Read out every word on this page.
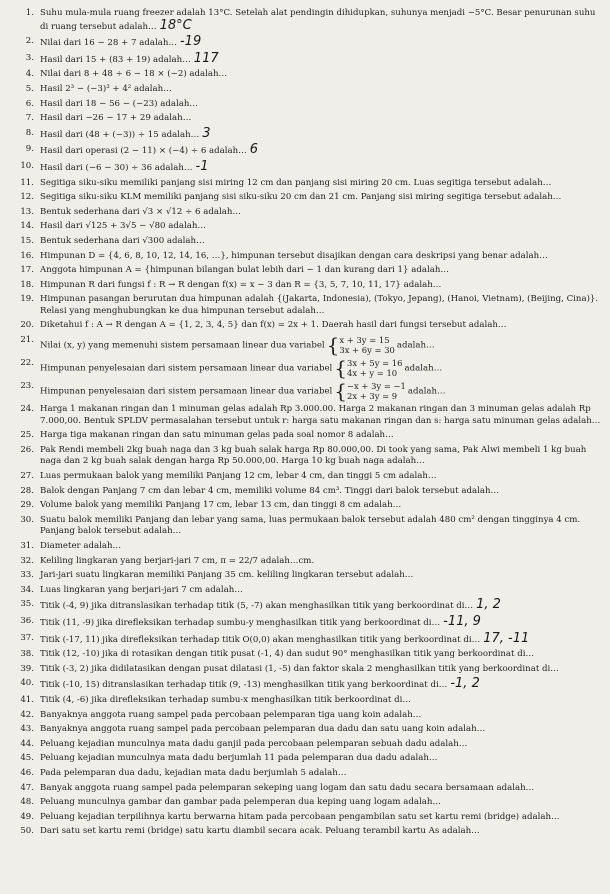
1. Suhu mula-mula ruang freezer adalah 13°C. Setelah alat pendingin dihidupkan, suhunya menjadi −5°C. Besar penurunan suhu di ruang tersebut adalah… 18°C
2. Nilai dari 16 − 28 + 7 adalah… -19
3. Hasil dari 15 + (83 + 19) adalah… 117
4. Nilai dari 8 + 48 ÷ 6 − 18 × (−2) adalah…
5. Hasil 2³ − (−3)³ + 4² adalah…
6. Hasil dari 18 − 56 − (−23) adalah…
7. Hasil dari −26 − 17 + 29 adalah…
8. Hasil dari (48 + (−3)) ÷ 15 adalah… 3
9. Hasil dari operasi (2 − 11) × (−4) ÷ 6 adalah… 6
10. Hasil dari (−6 − 30) ÷ 36 adalah… -1
11. Segitiga siku-siku memiliki panjang sisi miring 12 cm dan panjang sisi miring 20 cm. Luas segitiga tersebut adalah…
12. Segitiga siku-siku KLM memiliki panjang sisi siku-siku 20 cm dan 21 cm. Panjang sisi miring segitiga tersebut adalah…
13. Bentuk sederhana dari √3 × √12 ÷ 6 adalah…
14. Hasil dari √125 + 3√5 − √80 adalah…
15. Bentuk sederhana dari √300 adalah…
16. Himpunan D = {4, 6, 8, 10, 12, 14, 16, …}, himpunan tersebut disajikan dengan cara deskripsi yang benar adalah…
17. Anggota himpunan A = {himpunan bilangan bulat lebih dari − 1 dan kurang dari 1} adalah…
18. Himpunan R dari fungsi f : R → R dengan f(x) = x − 3 dan R = {3, 5, 7, 10, 11, 17} adalah…
19. Himpunan pasangan berurutan dua himpunan adalah {(Jakarta, Indonesia), (Tokyo, Jepang), (Hanoi, Vietnam), (Beijing, Cina)}. Relasi yang menghubungkan ke dua himpunan tersebut adalah…
20. Diketahui f : A → R dengan A = {1, 2, 3, 4, 5} dan f(x) = 2x + 1. Daerah hasil dari fungsi tersebut adalah…
21.
Nilai (x, y) yang memenuhi sistem persamaan linear dua variabel { x + 3y = 15
3x + 6y = 30 adalah…
22.
Himpunan penyelesaian dari sistem persamaan linear dua variabel { 3x + 5y = 16
4x + y = 10 adalah…
23.
Himpunan penyelesaian dari sistem persamaan linear dua variabel { −x + 3y = −1
2x + 3y = 9	adalah…
24. Harga 1 makanan ringan dan 1 minuman gelas adalah Rp 3.000.00. Harga 2 makanan ringan dan 3 minuman gelas adalah Rp 7.000,00. Bentuk SPLDV permasalahan tersebut untuk r: harga satu makanan ringan dan s: harga satu minuman gelas adalah…
25. Harga tiga makanan ringan dan satu minuman gelas pada soal nomor 8 adalah…
26. Pak Rendi membeli 2kg buah naga dan 3 kg buah salak harga Rp 80.000,00. Di took yang sama, Pak Alwi membeli 1 kg buah naga dan 2 kg buah salak dengan harga Rp 50.000,00. Harga 10 kg buah naga adalah…
27. Luas permukaan balok yang memiliki Panjang 12 cm, lebar 4 cm, dan tinggi 5 cm adalah…
28. Balok dengan Panjang 7 cm dan lebar 4 cm, memiliki volume 84 cm³. Tinggi dari balok tersebut adalah…
29. Volume balok yang memiliki Panjang 17 cm, lebar 13 cm, dan tinggi 8 cm adalah…
30. Suatu balok memiliki Panjang dan lebar yang sama, luas permukaan balok tersebut adalah 480 cm² dengan tingginya 4 cm. Panjang balok tersebut adalah…
31. Diameter adalah…
32. Keliling lingkaran yang berjari-jari 7 cm, π = 22/7 adalah…cm.
33. Jari-jari suatu lingkaran memiliki Panjang 35 cm. keliling lingkaran tersebut adalah…
34. Luas lingkaran yang berjari-jari 7 cm adalah…
35. Titik (-4, 9) jika ditranslasikan terhadap titik (5, -7) akan menghasilkan titik yang berkoordinat di… 1, 2
36. Titik (11, -9) jika direfleksikan terhadap sumbu-y menghasilkan titik yang berkoordinat di… -11, 9
37. Titik (-17, 11) jika direfleksikan terhadap titik O(0,0) akan menghasilkan titik yang berkoordinat di… 17, -11
38. Titik (12, -10) jika di rotasikan dengan titik pusat (-1, 4) dan sudut 90° menghasilkan titik yang berkoordinat di…
39. Titik (-3, 2) jika didilatasikan dengan pusat dilatasi (1, -5) dan faktor skala 2 menghasilkan titik yang berkoordinat di…
40. Titik (-10, 15) ditranslasikan terhadap titik (9, -13) menghasilkan titik yang berkoordinat di… -1, 2
41. Titik (4, -6) jika direfleksikan terhadap sumbu-x menghasilkan titik berkoordinat di…
42. Banyaknya anggota ruang sampel pada percobaan pelemparan tiga uang koin adalah…
43. Banyaknya anggota ruang sampel pada percobaan pelemparan dua dadu dan satu uang koin adalah…
44. Peluang kejadian munculnya mata dadu ganjil pada percobaan pelemparan sebuah dadu adalah…
45. Peluang kejadian munculnya mata dadu berjumlah 11 pada pelemparan dua dadu adalah…
46. Pada pelemparan dua dadu, kejadian mata dadu berjumlah 5 adalah…
47. Banyak anggota ruang sampel pada pelemparan sekeping uang logam dan satu dadu secara bersamaan adalah…
48. Peluang munculnya gambar dan gambar pada pelemperan dua keping uang logam adalah…
49. Peluang kejadian terpilihnya kartu berwarna hitam pada percobaan pengambilan satu set kartu remi (bridge) adalah…
50. Dari satu set kartu remi (bridge) satu kartu diambil secara acak. Peluang terambil kartu As adalah…
